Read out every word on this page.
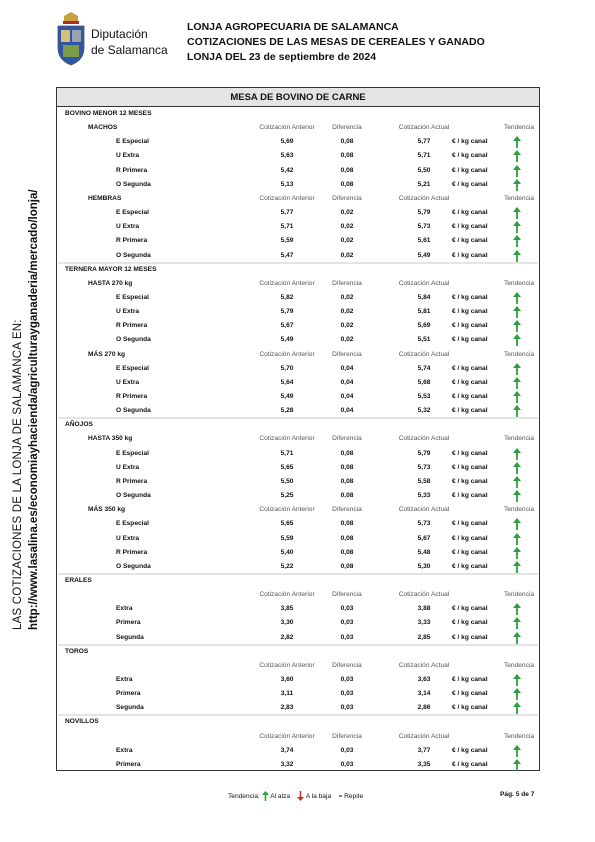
Diputación
de Salamanca
LONJA AGROPECUARIA DE SALAMANCA
COTIZACIONES DE LAS MESAS DE CEREALES Y GANADO
LONJA DEL 23 de septiembre de 2024
LAS COTIZACIONES DE LA LONJA DE SALAMANCA EN: http://www.lasalina.es/economiayhacienda/agriculturayganaderia/mercado/lonja/
MESA DE BOVINO DE CARNE
BOVINO MENOR 12 MESES
MACHOS	Cotización Anterior	Diferencia	Cotización Actual	Tendencia
E Especial	5,69	0,08	5,77	€ / kg canal
U Extra	5,63	0,08	5,71	€ / kg canal
R Primera	5,42	0,08	5,50	€ / kg canal
O Segunda	5,13	0,08	5,21	€ / kg canal
HEMBRAS	Cotización Anterior	Diferencia	Cotización Actual	Tendencia
E Especial	5,77	0,02	5,79	€ / kg canal
U Extra	5,71	0,02	5,73	€ / kg canal
R Primera	5,59	0,02	5,61	€ / kg canal
O Segunda	5,47	0,02	5,49	€ / kg canal
TERNERA MAYOR 12 MESES
HASTA 270 kg	Cotización Anterior	Diferencia	Cotización Actual	Tendencia
E Especial	5,82	0,02	5,84	€ / kg canal
U Extra	5,79	0,02	5,81	€ / kg canal
R Primera	5,67	0,02	5,69	€ / kg canal
O Segunda	5,49	0,02	5,51	€ / kg canal
MÁS 270 kg	Cotización Anterior	Diferencia	Cotización Actual	Tendencia
E Especial	5,70	0,04	5,74	€ / kg canal
U Extra	5,64	0,04	5,68	€ / kg canal
R Primera	5,49	0,04	5,53	€ / kg canal
O Segunda	5,28	0,04	5,32	€ / kg canal
AÑOJOS
HASTA 350 kg	Cotización Anterior	Diferencia	Cotización Actual	Tendencia
E Especial	5,71	0,08	5,79	€ / kg canal
U Extra	5,65	0,08	5,73	€ / kg canal
R Primera	5,50	0,08	5,58	€ / kg canal
O Segunda	5,25	0,08	5,33	€ / kg canal
MÁS 350 kg	Cotización Anterior	Diferencia	Cotización Actual	Tendencia
E Especial	5,65	0,08	5,73	€ / kg canal
U Extra	5,59	0,08	5,67	€ / kg canal
R Primera	5,40	0,08	5,48	€ / kg canal
O Segunda	5,22	0,08	5,30	€ / kg canal
ERALES
Cotización Anterior	Diferencia	Cotización Actual	Tendencia
Extra	3,85	0,03	3,88	€ / kg canal
Primera	3,30	0,03	3,33	€ / kg canal
Segunda	2,82	0,03	2,85	€ / kg canal
TOROS
Cotización Anterior	Diferencia	Cotización Actual	Tendencia
Extra	3,60	0,03	3,63	€ / kg canal
Primera	3,11	0,03	3,14	€ / kg canal
Segunda	2,83	0,03	2,86	€ / kg canal
NOVILLOS
Cotización Anterior	Diferencia	Cotización Actual	Tendencia
Extra	3,74	0,03	3,77	€ / kg canal
Primera	3,32	0,03	3,35	€ / kg canal
Tendencia: Al alza A la baja = Repite	Pág. 5 de 7
